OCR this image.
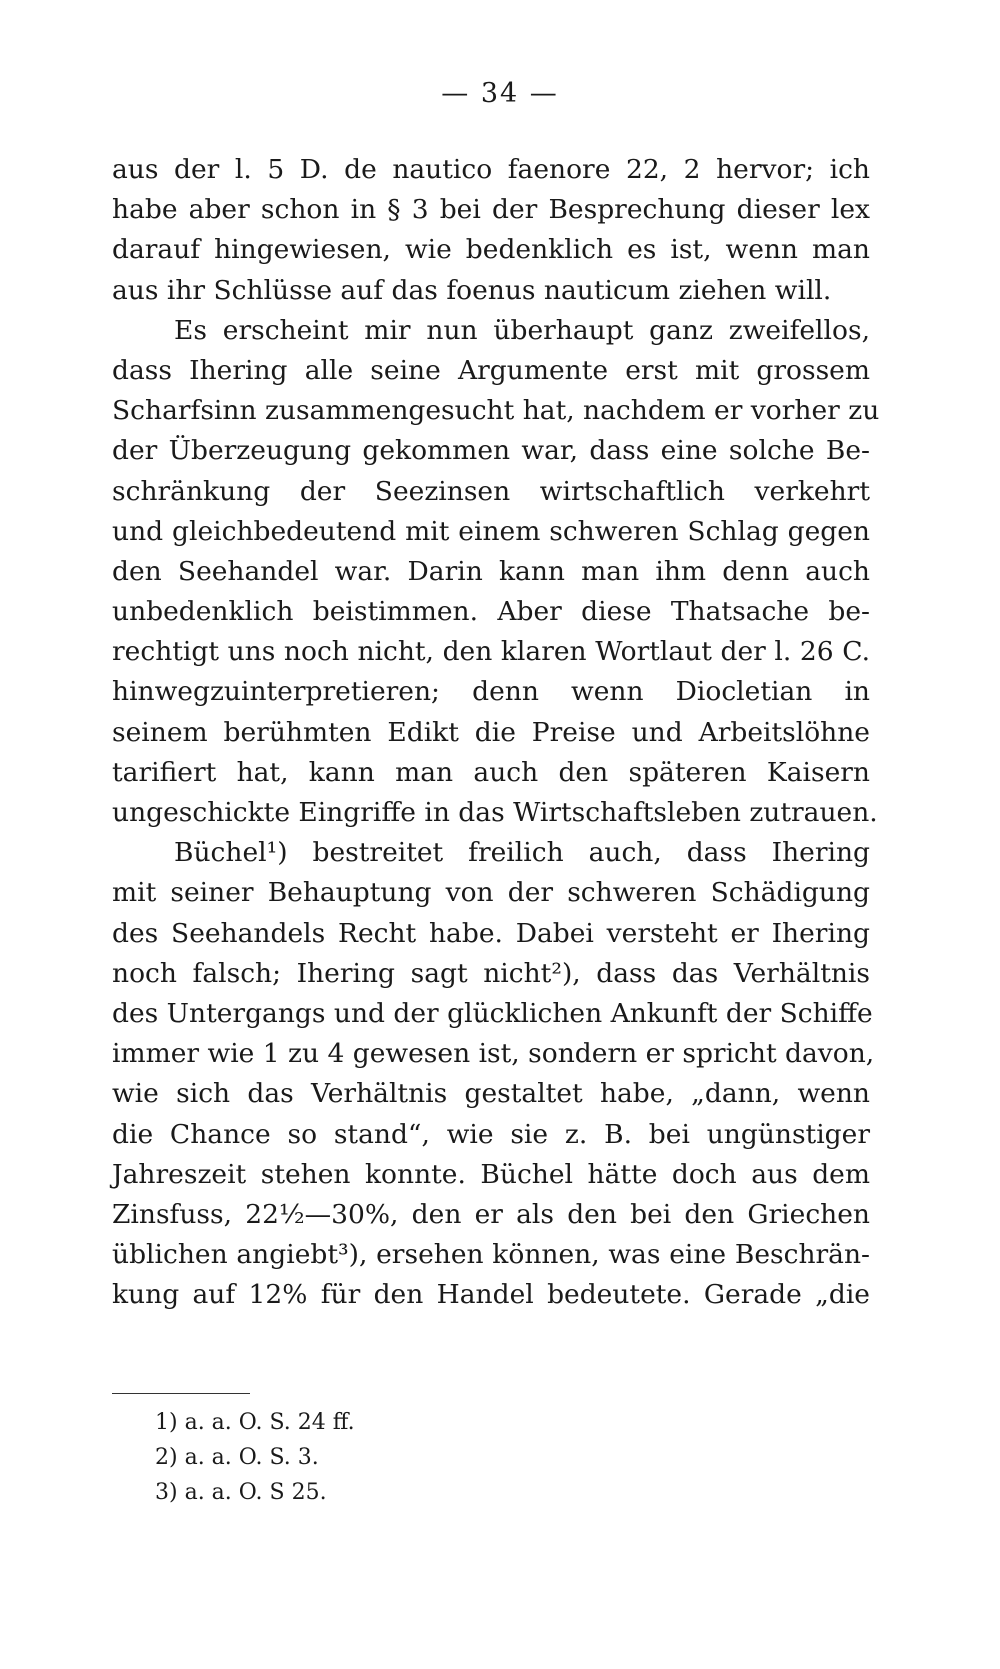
— 34 —
aus der l. 5 D. de nautico faenore 22, 2 hervor; ich
habe aber schon in § 3 bei der Besprechung dieser lex
darauf hingewiesen, wie bedenklich es ist, wenn man
aus ihr Schlüsse auf das foenus nauticum ziehen will.
Es erscheint mir nun überhaupt ganz zweifellos,
dass Ihering alle seine Argumente erst mit grossem
Scharfsinn zusammengesucht hat, nachdem er vorher zu
der Überzeugung gekommen war, dass eine solche Be-
schränkung der Seezinsen wirtschaftlich verkehrt
und gleichbedeutend mit einem schweren Schlag gegen
den Seehandel war. Darin kann man ihm denn auch
unbedenklich beistimmen. Aber diese Thatsache be-
rechtigt uns noch nicht, den klaren Wortlaut der l. 26 C.
hinwegzuinterpretieren; denn wenn Diocletian in
seinem berühmten Edikt die Preise und Arbeitslöhne
tarifiert hat, kann man auch den späteren Kaisern
ungeschickte Eingriffe in das Wirtschaftsleben zutrauen.
Büchel¹) bestreitet freilich auch, dass Ihering
mit seiner Behauptung von der schweren Schädigung
des Seehandels Recht habe. Dabei versteht er Ihering
noch falsch; Ihering sagt nicht²), dass das Verhältnis
des Untergangs und der glücklichen Ankunft der Schiffe
immer wie 1 zu 4 gewesen ist, sondern er spricht davon,
wie sich das Verhältnis gestaltet habe, „dann, wenn
die Chance so stand“, wie sie z. B. bei ungünstiger
Jahreszeit stehen konnte. Büchel hätte doch aus dem
Zinsfuss, 22½—30%, den er als den bei den Griechen
üblichen angiebt³), ersehen können, was eine Beschrän-
kung auf 12% für den Handel bedeutete. Gerade „die
1) a. a. O. S. 24 ff.
2) a. a. O. S. 3.
3) a. a. O. S 25.
